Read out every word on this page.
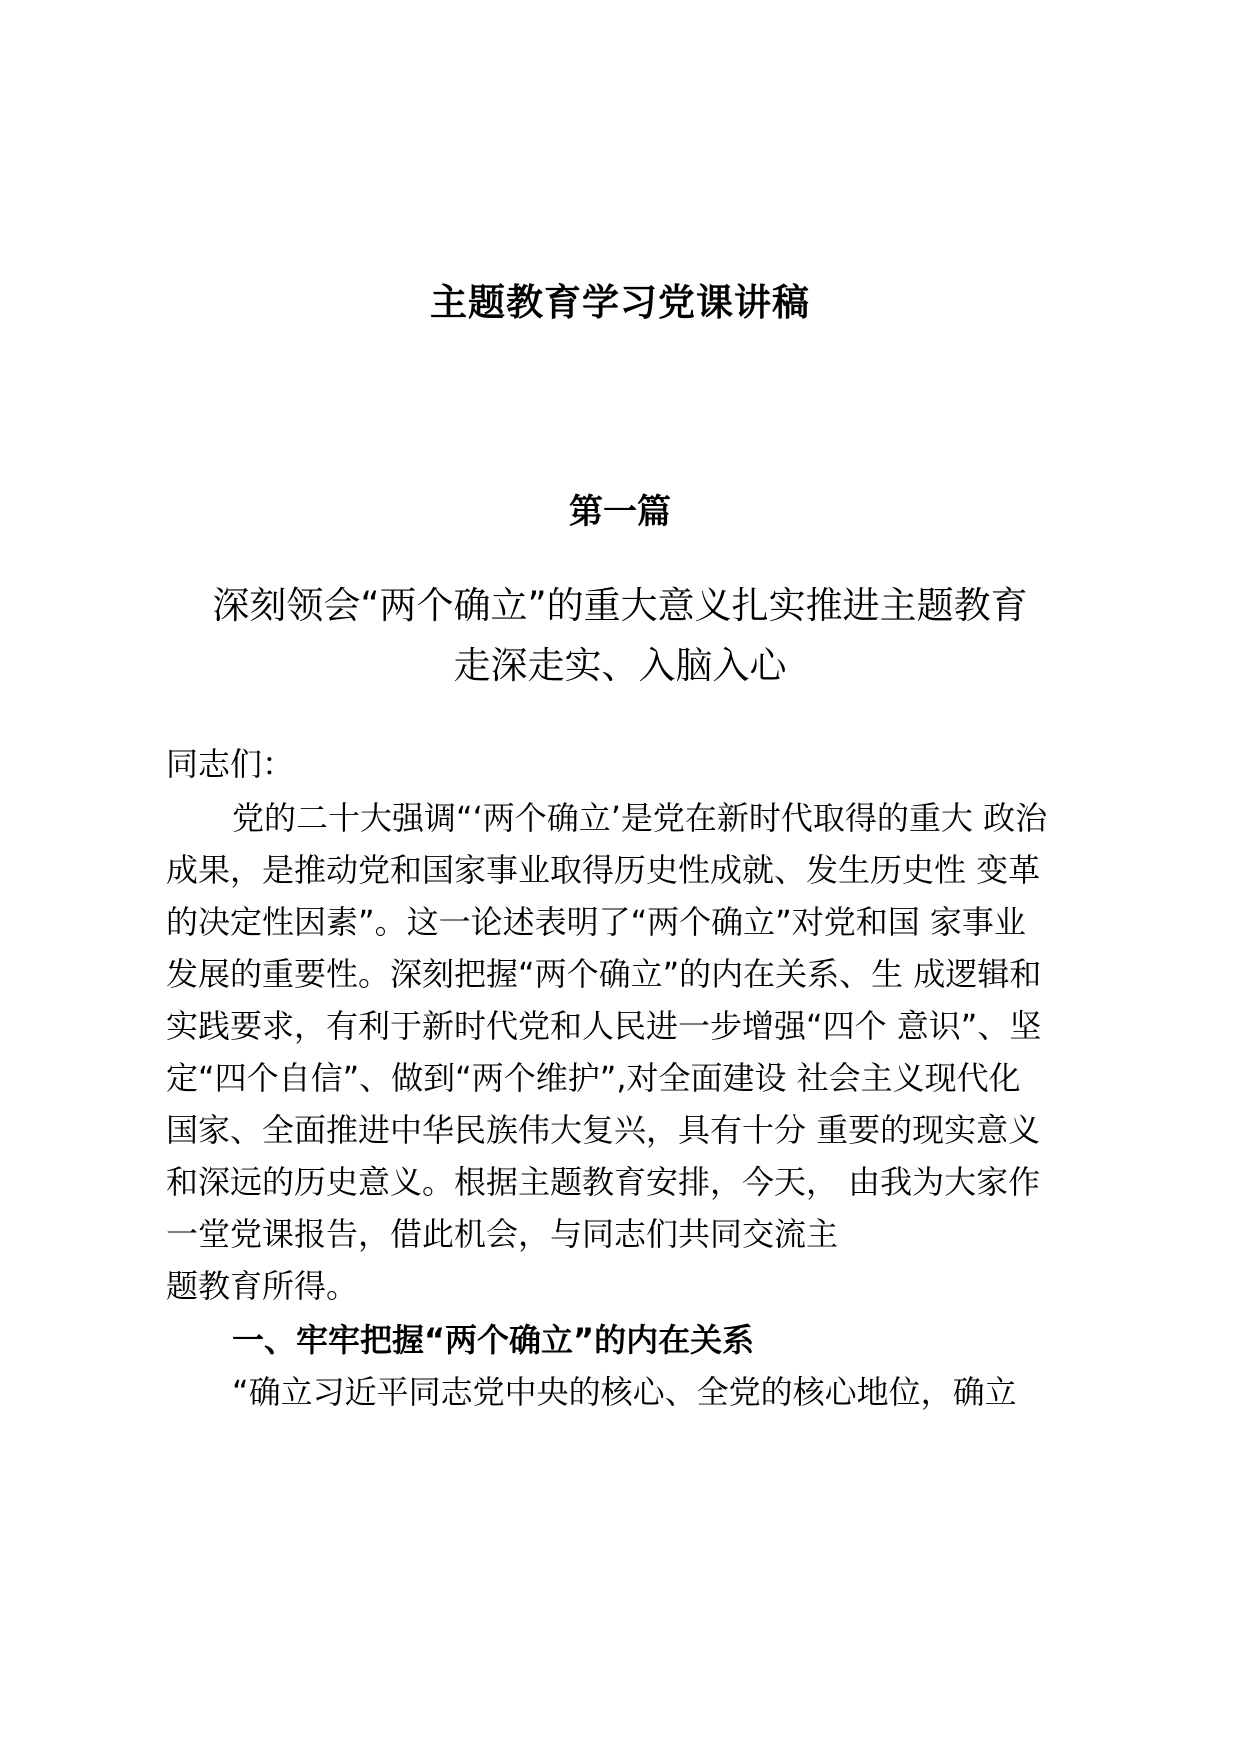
主题教育学习党课讲稿
第一篇
深刻领会“两个确立”的重大意义扎实推进主题教育
走深走实、入脑入心
同志们：
党的二十大强调“‘两个确立’是党在新时代取得的重大 政治
成果，是推动党和国家事业取得历史性成就、发生历史性 变革
的决定性因素”。这一论述表明了“两个确立”对党和国 家事业
发展的重要性。深刻把握“两个确立”的内在关系、生 成逻辑和
实践要求，有利于新时代党和人民进一步增强“四个 意识”、坚
定“四个自信”、做到“两个维护”,对全面建设 社会主义现代化
国家、全面推进中华民族伟大复兴，具有十分 重要的现实意义
和深远的历史意义。根据主题教育安排，今天， 由我为大家作
一堂党课报告，借此机会，与同志们共同交流主
题教育所得。
一、牢牢把握“两个确立”的内在关系
“确立习近平同志党中央的核心、全党的核心地位，确立
